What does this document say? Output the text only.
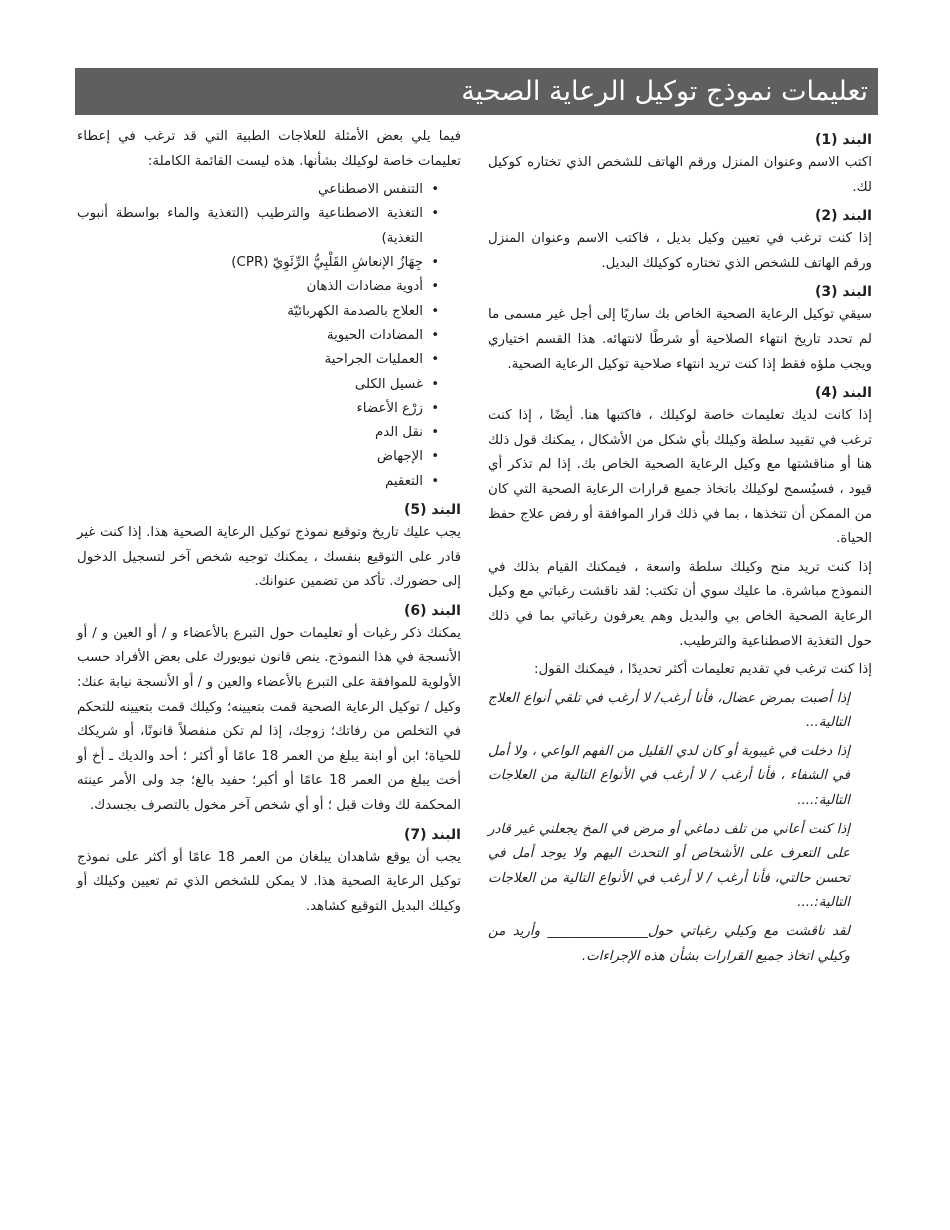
تعليمات نموذج توكيل الرعاية الصحية
البند (1)

اكتب الاسم وعنوان المنزل ورقم الهاتف للشخص الذي تختاره كوكيل لك.

البند (2)

إذا كنت ترغب في تعيين وكيل بديل ، فاكتب الاسم وعنوان المنزل ورقم الهاتف للشخص الذي تختاره كوكيلك البديل.

البند (3)

سيقي توكيل الرعاية الصحية الخاص بك ساريًا إلى أجل غير مسمى ما لم تحدد تاريخ انتهاء الصلاحية أو شرطًا لانتهائه. هذا القسم اختياري ويجب ملؤه فقط إذا كنت تريد انتهاء صلاحية توكيل الرعاية الصحية.

البند (4)

إذا كانت لديك تعليمات خاصة لوكيلك ، فاكتبها هنا. أيضًا ، إذا كنت ترغب في تقييد سلطة وكيلك بأي شكل من الأشكال ، يمكنك قول ذلك هنا أو مناقشتها مع وكيل الرعاية الصحية الخاص بك. إذا لم تذكر أي قيود ، فسيُسمح لوكيلك باتخاذ جميع قرارات الرعاية الصحية التي كان من الممكن أن تتخذها ، بما في ذلك قرار الموافقة أو رفض علاج حفظ الحياة.

إذا كنت تريد منح وكيلك سلطة واسعة ، فيمكنك القيام بذلك في النموذج مباشرة. ما عليك سوي أن تكتب: لقد ناقشت رغباتي مع وكيل الرعاية الصحية الخاص بي والبديل وهم يعرفون رغباتي بما في ذلك حول التغذية الاصطناعية والترطيب.

إذا كنت ترغب في تقديم تعليمات أكثر تحديدًا ، فيمكنك القول:

إذا أصبت بمرض عضال، فأنا أرغب/ لا أرغب في تلقي أنواع العلاج التالية...

إذا دخلت في غيبوبة أو كان لدي القليل من الفهم الواعي ، ولا أمل في الشفاء ، فأنا أرغب / لا أرغب في الأنواع التالية من العلاجات التالية:....

إذا كنت أعاني من تلف دماغي أو مرض في المخ يجعلني غير قادر على التعرف على الأشخاص أو التحدث اليهم ولا يوجد أمل في تحسن حالتي، فأنا أرغب / لا أرغب في الأنواع التالية من العلاجات التالية:....

لقد ناقشت مع وكيلي رغباتي حول_______________ وأريد من وكيلي اتخاذ جميع القرارات بشأن هذه الإجراءات.

فيما يلي بعض الأمثلة للعلاجات الطبية التي قد ترغب في إعطاء تعليمات خاصة لوكيلك بشأنها. هذه ليست القائمة الكاملة:

• التنفس الاصطناعي
• التغذية الاصطناعية والترطيب (التغذية والماء بواسطة أنبوب التغذية)
• جِهَازُ الإنعاشِ القَلْبِيُّ الرِّئَوِيّ (CPR)
• أدوية مضادات الذهان
• العلاج بالصدمة الكهربائيّة
• المضادات الحيوية
• العمليات الجراحية
• غسيل الكلى
• زرْع الأعضاء
• نقل الدم
• الإجهاض
• التعقيم
البند (5)

يجب عليك تاريخ وتوقيع نموذج توكيل الرعاية الصحية هذا. إذا كنت غير قادر على التوقيع بنفسك ، يمكنك توجيه شخص آخر لتسجيل الدخول إلى حضورك. تأكد من تضمين عنوانك.

البند (6)

يمكنك ذكر رغبات أو تعليمات حول التبرع بالأعضاء و / أو العين و / أو الأنسجة في هذا النموذج. ينص قانون نيويورك على بعض الأفراد حسب الأولوية للموافقة على التبرع بالأعضاء والعين و / أو الأنسجة نيابة عنك: وكيل / توكيل الرعاية الصحية قمت بتعيينه؛ وكيلك قمت بتعيينه للتحكم في التخلص من رفاتك؛ زوجك، إذا لم تكن منفصلاً قانونًا، أو شريكك للحياة؛ ابن أو ابنة يبلغ من العمر 18 عامًا أو أكثر ؛ أحد والديك ـ أخ أو أخت يبلغ من العمر 18 عامًا أو أكبر؛ حفيد بالغ؛ جد ولى الأمر عينته المحكمة لك وفات قبل ؛ أو أي شخص آخر مخول بالتصرف بجسدك.

البند (7)

يجب أن يوقع شاهدان يبلغان من العمر 18 عامًا أو أكثر على نموذج توكيل الرعاية الصحية هذا. لا يمكن للشخص الذي تم تعيين وكيلك أو وكيلك البديل التوقيع كشاهد.
